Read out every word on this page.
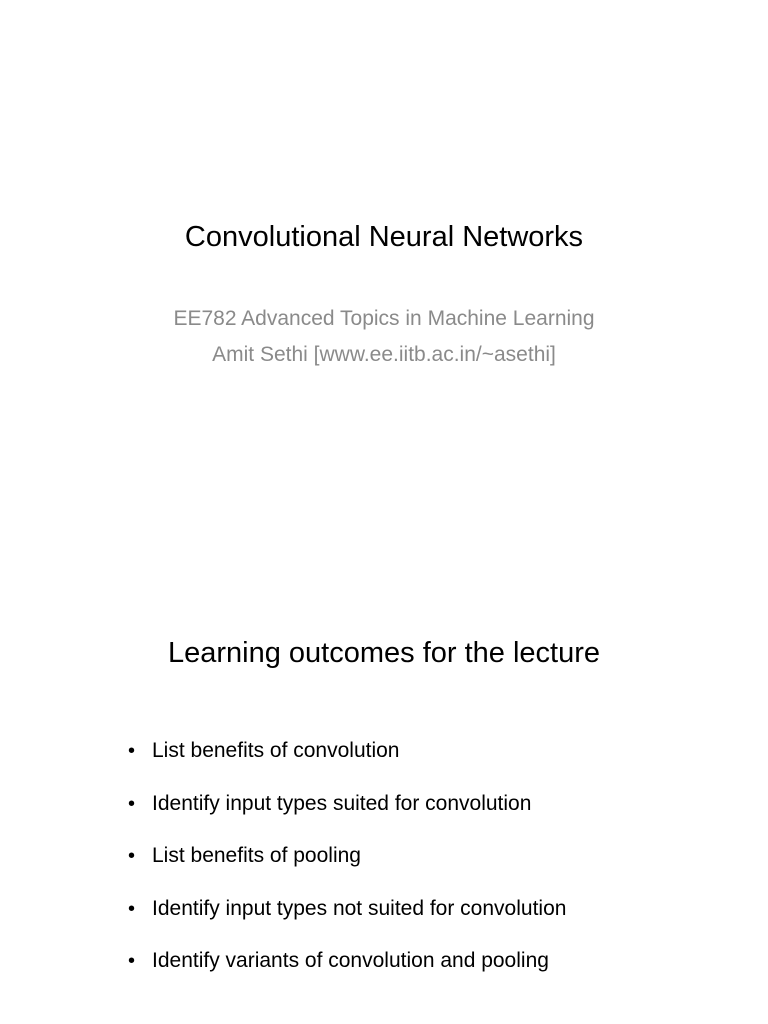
Convolutional Neural Networks
EE782 Advanced Topics in Machine Learning
Amit Sethi [www.ee.iitb.ac.in/~asethi]
Learning outcomes for the lecture
• List benefits of convolution
• Identify input types suited for convolution
• List benefits of pooling
• Identify input types not suited for convolution
• Identify variants of convolution and pooling
